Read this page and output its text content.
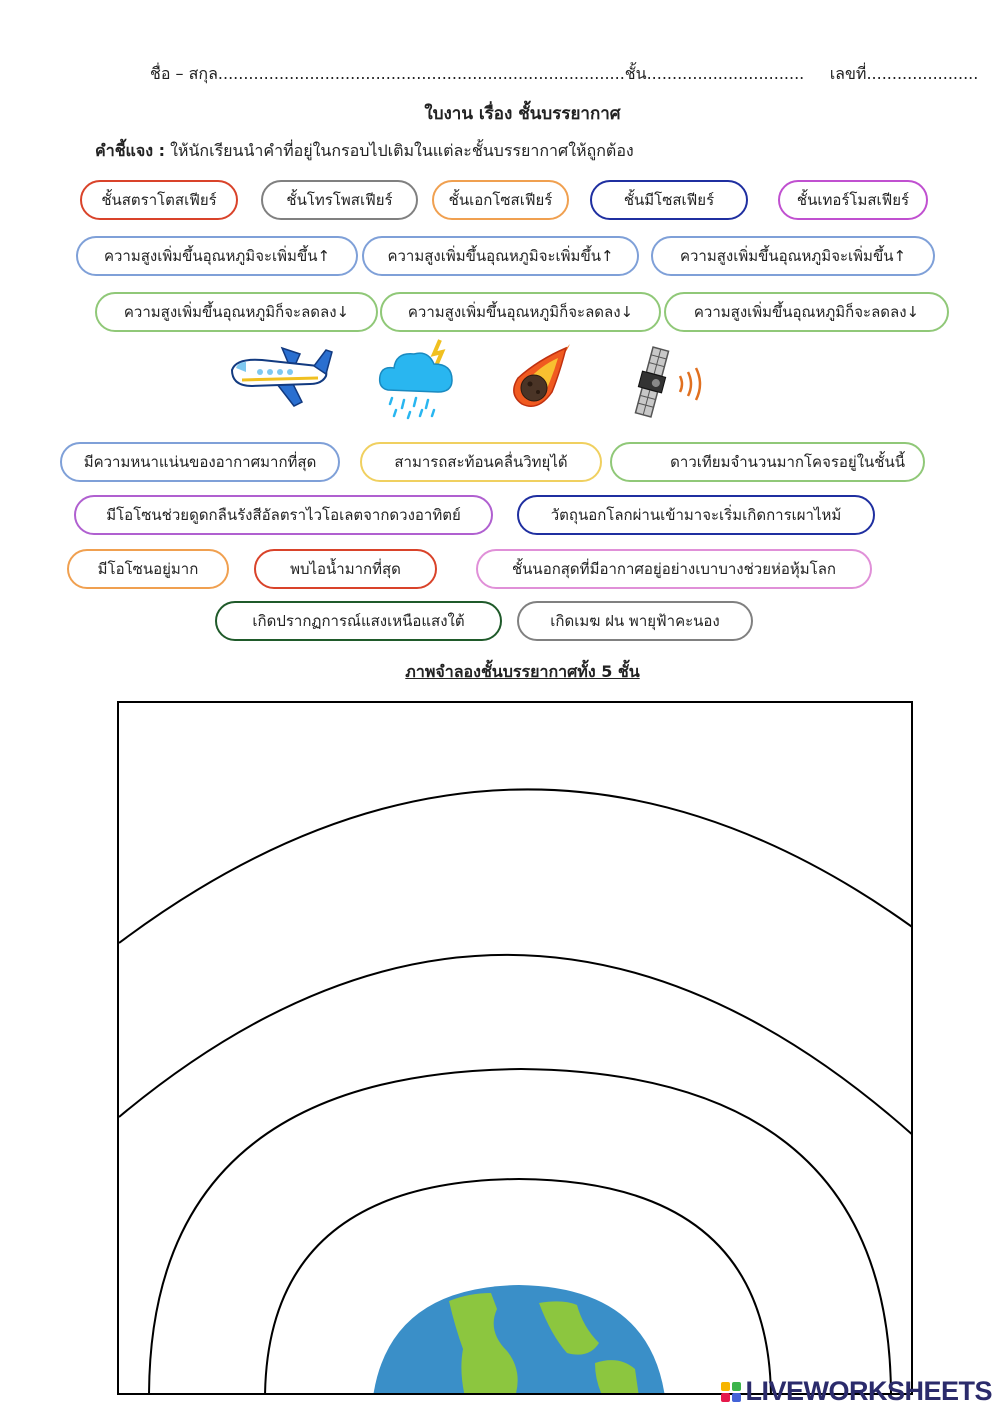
ชื่อ – สกุล................................................................................ชั้น............................... เลขที่......................
ใบงาน เรื่อง ชั้นบรรยากาศ
คำชี้แจง : ให้นักเรียนนำคำที่อยู่ในกรอบไปเติมในแต่ละชั้นบรรยากาศให้ถูกต้อง
ชั้นสตราโตสเฟียร์	ชั้นโทรโพสเฟียร์	ชั้นเอกโซสเฟียร์	ชั้นมีโซสเฟียร์	ชั้นเทอร์โมสเฟียร์
ความสูงเพิ่มขึ้นอุณหภูมิจะเพิ่มขึ้น↑	ความสูงเพิ่มขึ้นอุณหภูมิจะเพิ่มขึ้น↑	ความสูงเพิ่มขึ้นอุณหภูมิจะเพิ่มขึ้น↑
ความสูงเพิ่มขึ้นอุณหภูมิก็จะลดลง↓	ความสูงเพิ่มขึ้นอุณหภูมิก็จะลดลง↓	ความสูงเพิ่มขึ้นอุณหภูมิก็จะลดลง↓
มีความหนาแน่นของอากาศมากที่สุด	สามารถสะท้อนคลื่นวิทยุได้	ดาวเทียมจำนวนมากโคจรอยู่ในชั้นนี้
มีโอโซนช่วยดูดกลืนรังสีอัลตราไวโอเลตจากดวงอาทิตย์	วัตถุนอกโลกผ่านเข้ามาจะเริ่มเกิดการเผาไหม้
มีโอโซนอยู่มาก	พบไอน้ำมากที่สุด	ชั้นนอกสุดที่มีอากาศอยู่อย่างเบาบางช่วยห่อหุ้มโลก
เกิดปรากฏการณ์แสงเหนือแสงใต้	เกิดเมฆ ฝน พายุฟ้าคะนอง
ภาพจำลองชั้นบรรยากาศทั้ง 5 ชั้น
LIVEWORKSHEETS
